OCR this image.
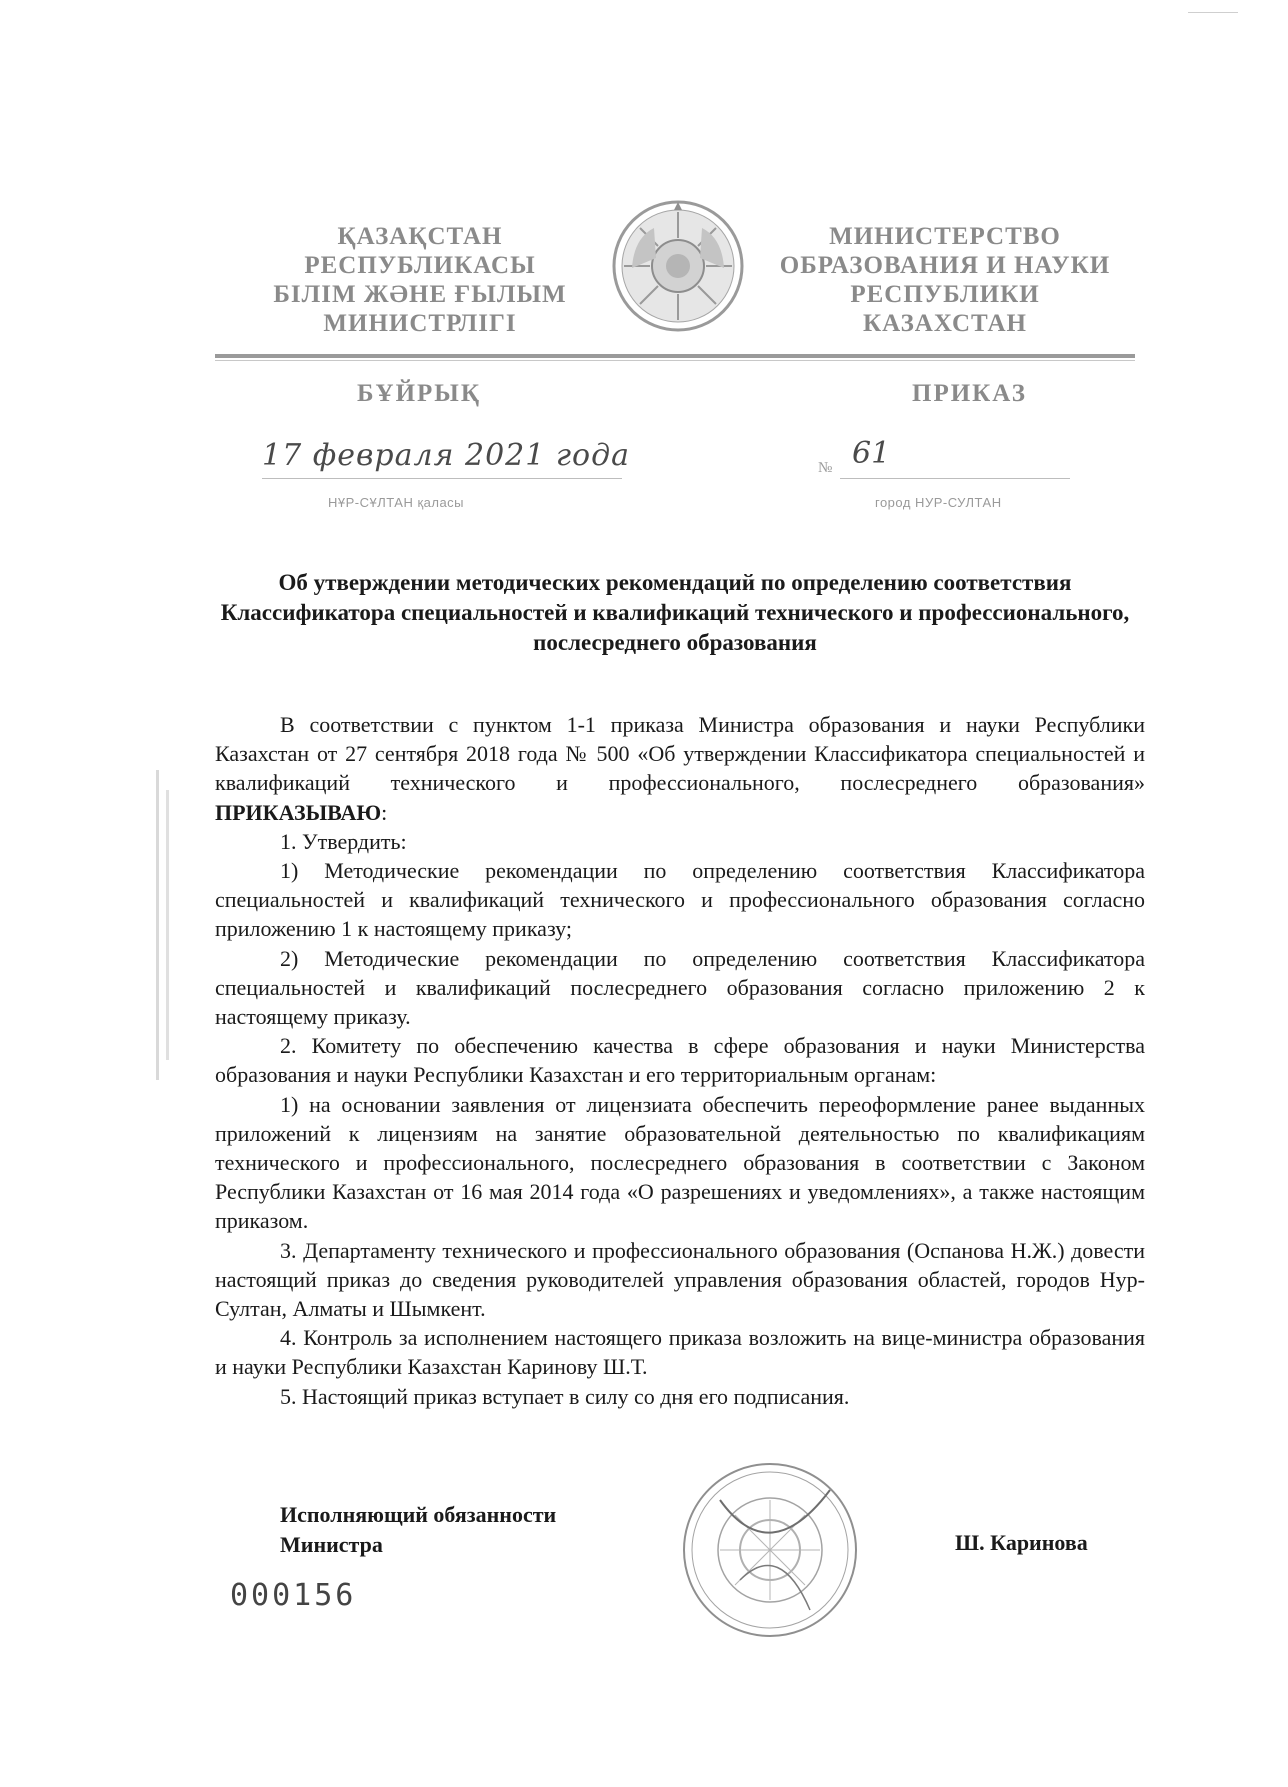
ҚАЗАҚСТАН
РЕСПУБЛИКАСЫ
БІЛІМ ЖӘНЕ ҒЫЛЫМ
МИНИСТРЛІГІ
МИНИСТЕРСТВО
ОБРАЗОВАНИЯ И НАУКИ
РЕСПУБЛИКИ
КАЗАХСТАН
БҰЙРЫҚ	ПРИКАЗ
17 февраля 2021 года
НҰР-СҰЛТАН қаласы
№ 61
город НУР-СУЛТАН
Об утверждении методических рекомендаций по определению соответствия Классификатора специальностей и квалификаций технического и профессионального, послесреднего образования

В соответствии с пунктом 1-1 приказа Министра образования и науки Республики Казахстан от 27 сентября 2018 года № 500 «Об утверждении Классификатора специальностей и квалификаций технического и профессионального, послесреднего образования» ПРИКАЗЫВАЮ:

1. Утвердить:

1) Методические рекомендации по определению соответствия Классификатора специальностей и квалификаций технического и профессионального образования согласно приложению 1 к настоящему приказу;

2) Методические рекомендации по определению соответствия Классификатора специальностей и квалификаций послесреднего образования согласно приложению 2 к настоящему приказу.

2. Комитету по обеспечению качества в сфере образования и науки Министерства образования и науки Республики Казахстан и его территориальным органам:

1) на основании заявления от лицензиата обеспечить переоформление ранее выданных приложений к лицензиям на занятие образовательной деятельностью по квалификациям технического и профессионального, послесреднего образования в соответствии с Законом Республики Казахстан от 16 мая 2014 года «О разрешениях и уведомлениях», а также настоящим приказом.

3. Департаменту технического и профессионального образования (Оспанова Н.Ж.) довести настоящий приказ до сведения руководителей управления образования областей, городов Нур-Султан, Алматы и Шымкент.

4. Контроль за исполнением настоящего приказа возложить на вице-министра образования и науки Республики Казахстан Каринову Ш.Т.

5. Настоящий приказ вступает в силу со дня его подписания.

Исполняющий обязанности
Министра	Ш. Каринова
000156
